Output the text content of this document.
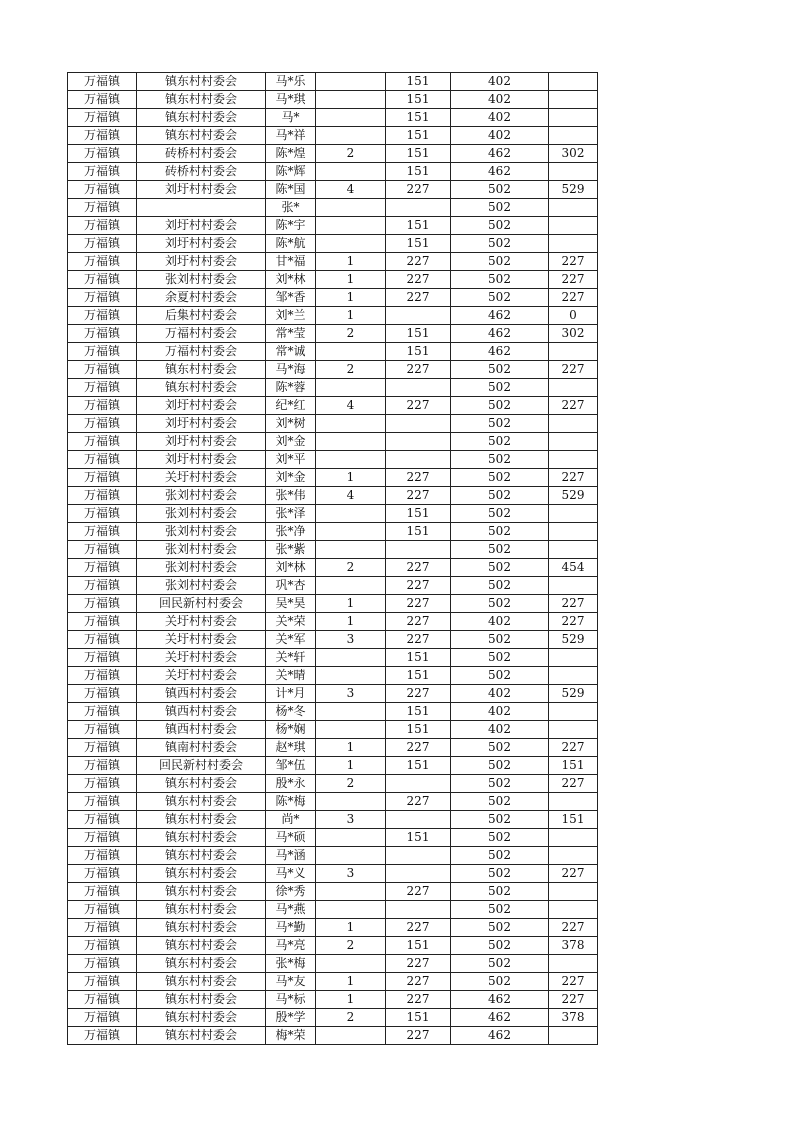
万福镇	镇东村村委会	马*乐		151	402	
万福镇	镇东村村委会	马*琪		151	402	
万福镇	镇东村村委会	马*		151	402	
万福镇	镇东村村委会	马*祥		151	402	
万福镇	砖桥村村委会	陈*煌	2	151	462	302
万福镇	砖桥村村委会	陈*辉		151	462	
万福镇	刘圩村村委会	陈*国	4	227	502	529
万福镇		张*			502	
万福镇	刘圩村村委会	陈*宇		151	502	
万福镇	刘圩村村委会	陈*航		151	502	
万福镇	刘圩村村委会	甘*福	1	227	502	227
万福镇	张刘村村委会	刘*林	1	227	502	227
万福镇	余夏村村委会	邹*香	1	227	502	227
万福镇	后集村村委会	刘*兰	1		462	0
万福镇	万福村村委会	常*莹	2	151	462	302
万福镇	万福村村委会	常*诚		151	462	
万福镇	镇东村村委会	马*海	2	227	502	227
万福镇	镇东村村委会	陈*蓉			502	
万福镇	刘圩村村委会	纪*红	4	227	502	227
万福镇	刘圩村村委会	刘*树			502	
万福镇	刘圩村村委会	刘*金			502	
万福镇	刘圩村村委会	刘*平			502	
万福镇	关圩村村委会	刘*金	1	227	502	227
万福镇	张刘村村委会	张*伟	4	227	502	529
万福镇	张刘村村委会	张*泽		151	502	
万福镇	张刘村村委会	张*净		151	502	
万福镇	张刘村村委会	张*紫			502	
万福镇	张刘村村委会	刘*林	2	227	502	454
万福镇	张刘村村委会	巩*杏		227	502	
万福镇	回民新村村委会	吴*昊	1	227	502	227
万福镇	关圩村村委会	关*荣	1	227	402	227
万福镇	关圩村村委会	关*军	3	227	502	529
万福镇	关圩村村委会	关*轩		151	502	
万福镇	关圩村村委会	关*晴		151	502	
万福镇	镇西村村委会	计*月	3	227	402	529
万福镇	镇西村村委会	杨*冬		151	402	
万福镇	镇西村村委会	杨*娴		151	402	
万福镇	镇南村村委会	赵*琪	1	227	502	227
万福镇	回民新村村委会	邹*伍	1	151	502	151
万福镇	镇东村村委会	殷*永	2		502	227
万福镇	镇东村村委会	陈*梅		227	502	
万福镇	镇东村村委会	尚*	3		502	151
万福镇	镇东村村委会	马*硕		151	502	
万福镇	镇东村村委会	马*涵			502	
万福镇	镇东村村委会	马*义	3		502	227
万福镇	镇东村村委会	徐*秀		227	502	
万福镇	镇东村村委会	马*燕			502	
万福镇	镇东村村委会	马*勤	1	227	502	227
万福镇	镇东村村委会	马*亮	2	151	502	378
万福镇	镇东村村委会	张*梅		227	502	
万福镇	镇东村村委会	马*友	1	227	502	227
万福镇	镇东村村委会	马*标	1	227	462	227
万福镇	镇东村村委会	殷*学	2	151	462	378
万福镇	镇东村村委会	梅*荣		227	462	
